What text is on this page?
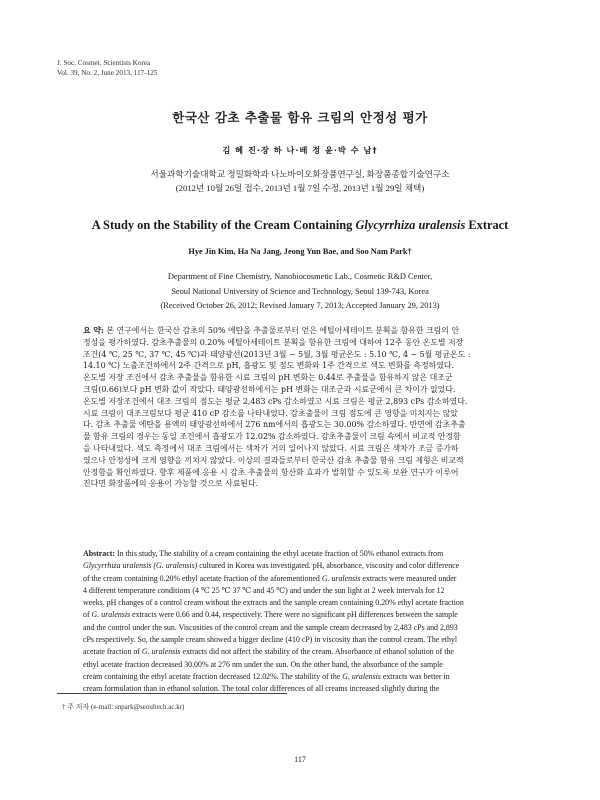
J. Soc. Cosmet. Scientists Korea
Vol. 39, No. 2, June 2013, 117-125
한국산 감초 추출물 함유 크림의 안정성 평가
김 혜 진·장 하 나·배 정 윤·박 수 남†
서울과학기술대학교 정밀화학과 나노바이오화장품연구실, 화장품종합기술연구소
(2012년 10월 26일 접수, 2013년 1월 7일 수정, 2013년 1월 29일 채택)
A Study on the Stability of the Cream Containing Glycyrrhiza uralensis Extract
Hye Jin Kim, Ha Na Jang, Jeong Yun Bae, and Soo Nam Park†
Department of Fine Chemistry, Nanobiocosmetic Lab., Cosmetic R&D Center,
Seoul National University of Science and Technology, Seoul 139-743, Korea
(Received October 26, 2012; Revised January 7, 2013; Accepted January 29, 2013)
요 약: 본 연구에서는 한국산 감초의 50% 에탄올 추출물로부터 얻은 에틸아세테이트 분획을 함유한 크림의 안
정성을 평가하였다. 감초추출물의 0.20% 에틸아세테이트 분획을 함유한 크림에 대하여 12주 동안 온도별 저장
조건(4 ℃, 25 ℃, 37 ℃, 45 ℃)과 태양광선(2013년 3월 ~ 5월, 3월 평균온도 : 5.10 ℃, 4 ~ 5월 평균온도 :
14.10 ℃) 노출조건하에서 2주 간격으로 pH, 흡광도 및 점도 변화와 1주 간격으로 색도 변화를 측정하였다.
온도별 저장 조건에서 감초 추출물을 함유한 시료 크림의 pH 변화는 0.44로 추출물을 함유하지 않은 대조군
크림(0.66)보다 pH 변화 값이 작았다. 태양광선하에서는 pH 변화는 대조군과 시료군에서 큰 차이가 없었다.
온도별 저장조건에서 대조 크림의 점도는 평균 2,483 cPs 감소하였고 시료 크림은 평균 2,893 cPs 감소하였다.
시료 크림이 대조크림보다 평균 410 cP 감소를 나타내었다. 감초출물이 크림 점도에 큰 영향을 미치지는 않았
다. 감초 추출물 에탄올 용액의 태양광선하에서 276 nm에서의 흡광도는 30.00% 감소하였다. 반면에 감초추출
물 함유 크림의 경우는 동일 조건에서 흡광도가 12.02% 감소하였다. 감초추출물이 크림 속에서 비교적 안정함
을 나타내었다. 색도 측정에서 대조 크림에서는 색차가 거의 일어나지 않았다. 시료 크림은 색차가 조금 증가하
였으나 안정성에 크게 영향을 끼치지 않았다. 이상의 결과들로부터 한국산 감초 추출물 함유 크림 제형은 비교적
안정함을 확인하였다. 향후 제품에 응용 시 감초 추출물의 항산화 효과가 발휘할 수 있도록 보완 연구가 이루어
진다면 화장품에의 응용이 가능할 것으로 사료된다.
Abstract: In this study, The stability of a cream containing the ethyl acetate fraction of 50% ethanol extracts from
Glycyrrhiza uralensis (G. uralensis) cultured in Korea was investigated. pH, absorbance, viscosity and color difference
of the cream containing 0.20% ethyl acetate fraction of the aforementioned G. uralensis extracts were measured under
4 different temperature conditions (4 ℃ 25 ℃ 37 ℃ and 45 ℃) and under the sun light at 2 week intervals for 12
weeks. pH changes of a control cream without the extracts and the sample cream containing 0.20% ethyl acetate fraction
of G. uralensis extracts were 0.66 and 0.44, respectively. There were no significant pH differences between the sample
and the control under the sun. Viscosities of the control cream and the sample cream decreased by 2,483 cPs and 2,893
cPs respectively. So, the sample cream showed a bigger decline (410 cP) in viscosity than the control cream. The ethyl
acetate fraction of G. uralensis extracts did not affect the stability of the cream. Absorbance of ethanol solution of the
ethyl acetate fraction decreased 30.00% at 276 nm under the sun. On the other hand, the absorbance of the sample
cream containing the ethyl acetate fraction decreased 12.02%. The stability of the G. uralensis extracts was better in
cream formulation than in ethanol solution. The total color differences of all creams increased slightly during the
† 주 저자 (e-mail: snpark@seoultech.ac.kr)
117
